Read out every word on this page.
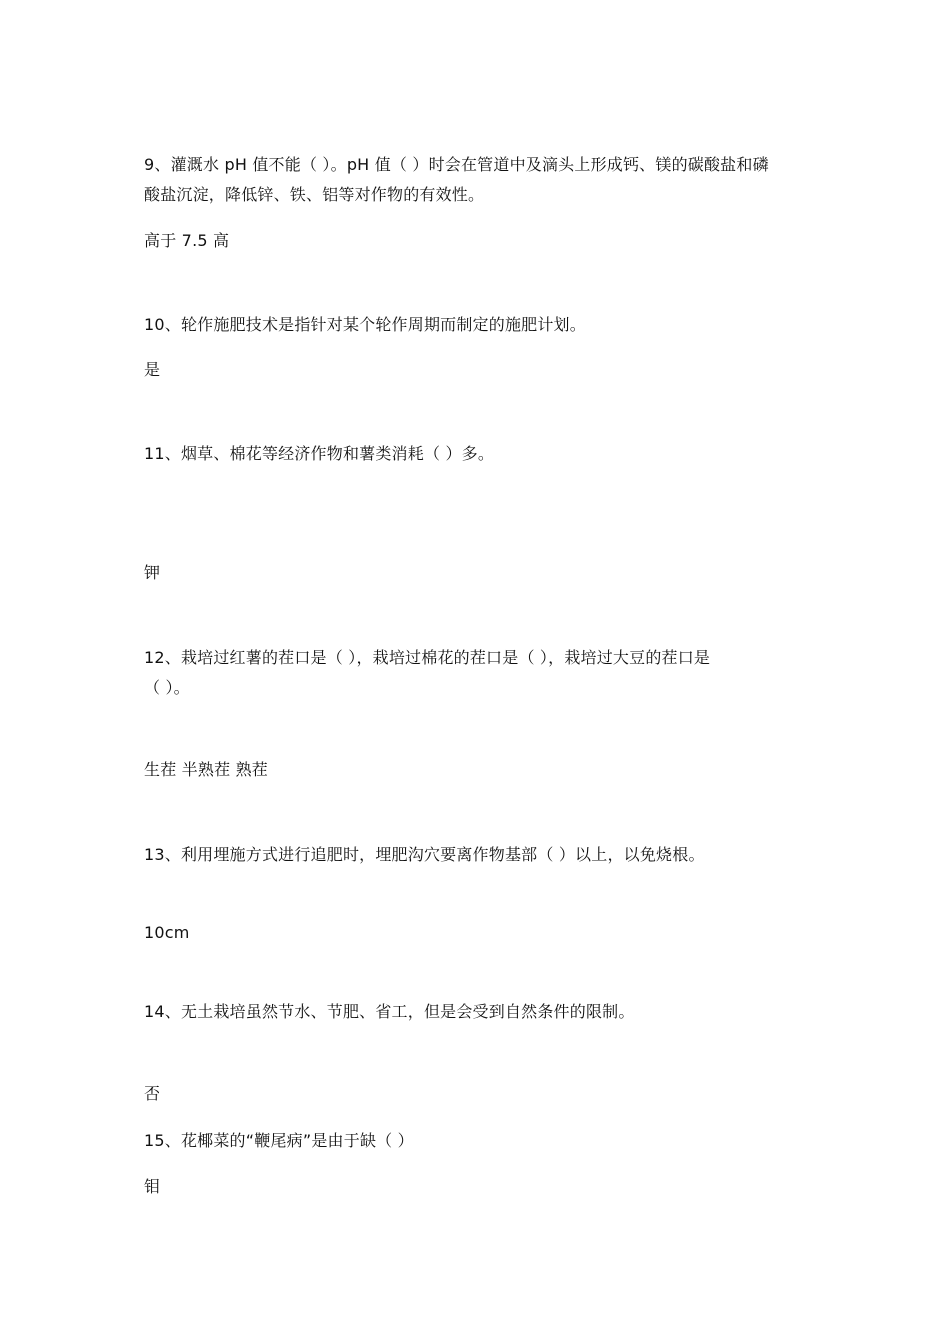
9、灌溉水 pH 值不能（ ）。pH 值（ ）时会在管道中及滴头上形成钙、镁的碳酸盐和磷
酸盐沉淀，降低锌、铁、铝等对作物的有效性。
高于 7.5 高
10、轮作施肥技术是指针对某个轮作周期而制定的施肥计划。
是
11、烟草、棉花等经济作物和薯类消耗（ ）多。
钾
12、栽培过红薯的茬口是（ ），栽培过棉花的茬口是（ ），栽培过大豆的茬口是
（ ）。
生茬 半熟茬 熟茬
13、利用埋施方式进行追肥时，埋肥沟穴要离作物基部（ ）以上，以免烧根。
10cm
14、无土栽培虽然节水、节肥、省工，但是会受到自然条件的限制。
否
15、花椰菜的“鞭尾病”是由于缺（ ）
钼
